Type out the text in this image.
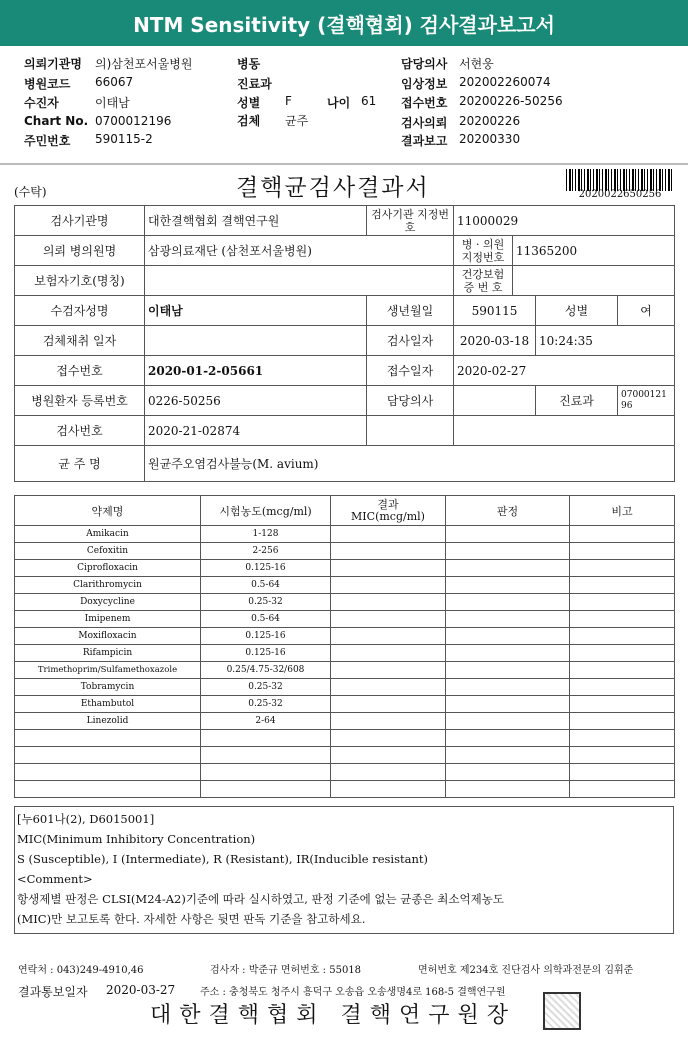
NTM Sensitivity (결핵협회) 검사결과보고서
의뢰기관명 의)삼천포서울병원	병동	담당의사 서현웅
병원코드 66067	진료과	임상정보 202002260074
수진자	이태남	성별 F	나이 61 접수번호 20200226-50256
Chart No. 0700012196	검체 균주	검사의뢰 20200226
주민번호 590115-2	결과보고 20200330
(수탁)	결핵균검사결과서	2020022650256
검사기관명	대한결핵협회 결핵연구원	검사기관 지정번호	11000029			
의뢰 병의원명	삼광의료재단 (삼천포서울병원)		병 · 의원 지정번호	11365200		
보험자기호(명칭)			건강보험 증 번 호			
수검자성명	이태남	생년월일	590115		성별	여
검체채취 일자		검사일자	2020-03-18		10:24:35	
접수번호	2020-01-2-05661	접수일자	2020-02-27			
병원환자 등록번호	0226-50256	담당의사			진료과	0700012196
검사번호	2020-21-02874					
균 주 명	원균주오염검사불능(M. avium)					
약제명	시험농도(mcg/ml)	결과 MIC(mcg/ml)	판정	비고
Amikacin	1-128			
Cefoxitin	2-256			
Ciprofloxacin	0.125-16			
Clarithromycin	0.5-64			
Doxycycline	0.25-32			
Imipenem	0.5-64			
Moxifloxacin	0.125-16			
Rifampicin	0.125-16			
Trimethoprim/Sulfamethoxazole	0.25/4.75-32/608			
Tobramycin	0.25-32			
Ethambutol	0.25-32			
Linezolid	2-64			

[누601나(2), D6015001]
MIC(Minimum Inhibitory Concentration)
S (Susceptible), I (Intermediate), R (Resistant), IR(Inducible resistant)
<Comment>
항생제별 판정은 CLSI(M24-A2)기준에 따라 실시하였고, 판정 기준에 없는 균종은 최소억제농도
(MIC)만 보고토록 한다. 자세한 사항은 뒷면 판독 기준을 참고하세요.
연락처 : 043)249-4910,46	검사자 : 박준규 면허번호 : 55018	면허번호 제234호 진단검사 의학과전문의 김휘준
결과통보일자 2020-03-27 주소 : 충청북도 청주시 흥덕구 오송읍 오송생명4로 168-5 결핵연구원
대한결핵협회 결핵연구원장
